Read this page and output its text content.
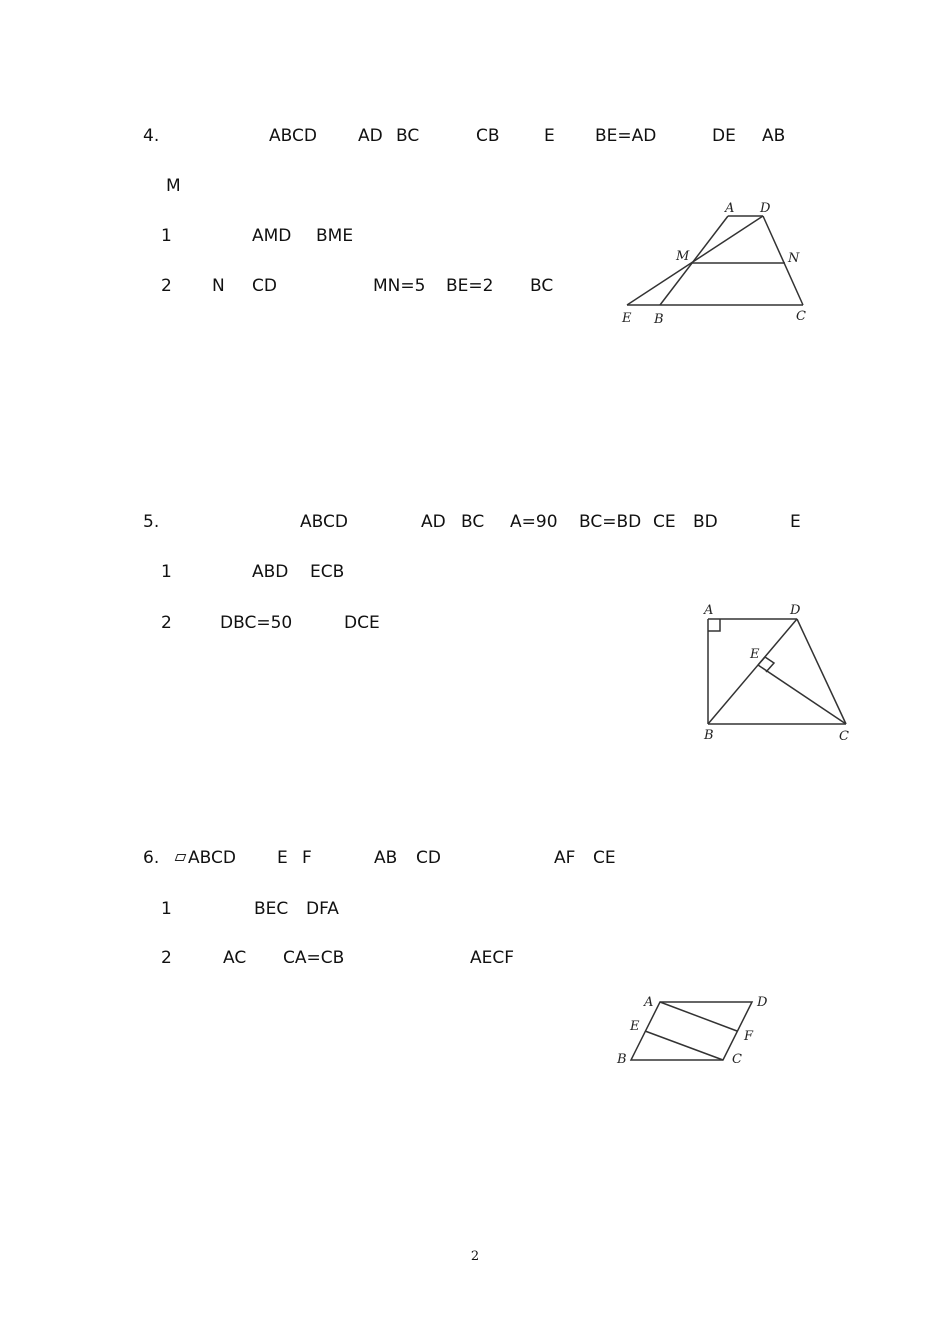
4.	ABCD AD BC	CB	E BE=AD	DE AB
M
1	AMD BME
2 N CD	MN=5 BE=2 BC
A D
M	N
E B	C
5.	ABCD	AD BC A=90 BC=BD CE BD	E
1	ABD ECB
2	DBC=50	DCE
A	D
E
B	C
6.	ABCD E F	AB CD	AF CE
1	BEC DFA
2	AC CA=CB	AECF
A	D
E
F
B	C
2
